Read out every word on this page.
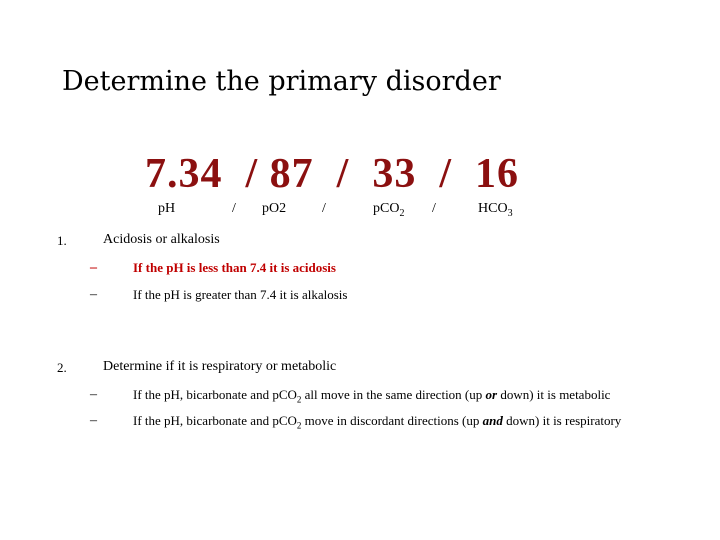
Determine the primary disorder
7.34  / 87  /  33  /  16
pH	/ pO2	/	pCO$_2$ /	$HCO_3$
1.	Acidosis or alkalosis
–	If the pH is less than 7.4 it is acidosis
–	If the pH is greater than 7.4 it is alkalosis
2.	Determine if it is respiratory or metabolic
–	If the pH, bicarbonate and pCO$_2$ all move in the same direction (up or down) it is metabolic
–	If the pH, bicarbonate and pCO$_2$ move in discordant directions (up and down) it is respiratory
